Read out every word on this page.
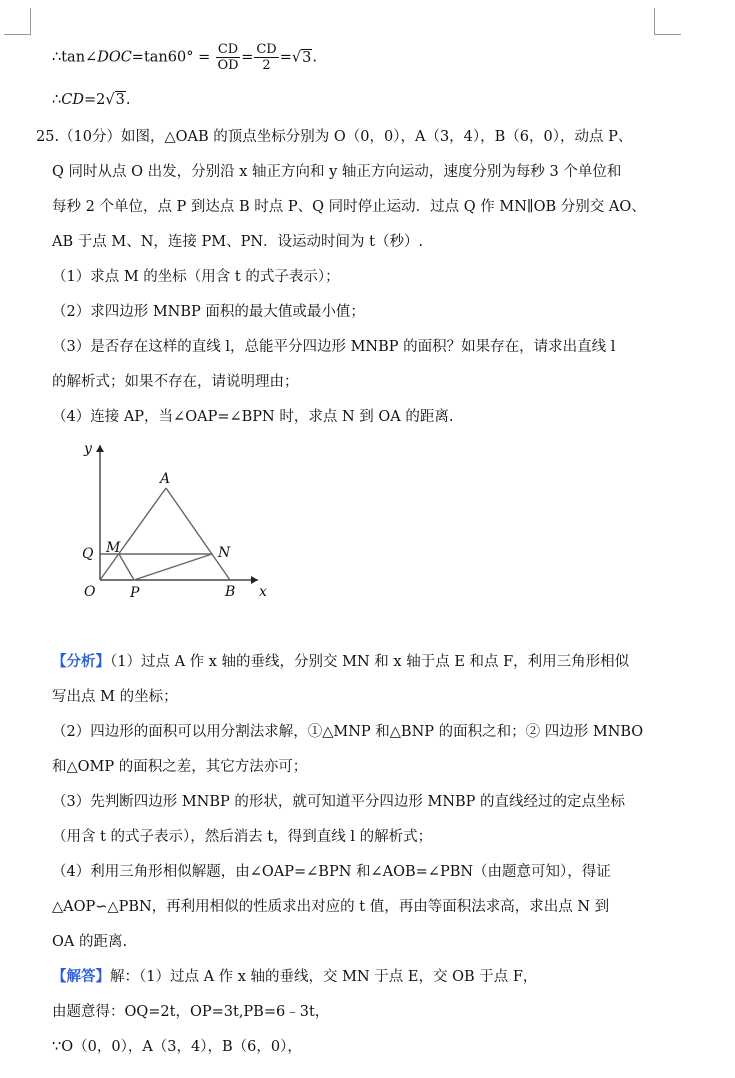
∴tan∠DOC=tan60° = $\frac{CD}{OD} = \frac{CD}{2} =√3$.
∴CD=2√3.
25.（10分）如图，△OAB 的顶点坐标分别为 O（0，0），A（3，4），B（6，0），动点 P、
Q 同时从点 O 出发，分别沿 x 轴正方向和 y 轴正方向运动，速度分别为每秒 3 个单位和
每秒 2 个单位，点 P 到达点 B 时点 P、Q 同时停止运动．过点 Q 作 MN∥OB 分别交 AO、
AB 于点 M、N，连接 PM、PN．设运动时间为 t（秒）.
（1）求点 M 的坐标（用含 t 的式子表示）；
（2）求四边形 MNBP 面积的最大值或最小值；
（3）是否存在这样的直线 l，总能平分四边形 MNBP 的面积？如果存在，请求出直线 l
的解析式；如果不存在，请说明理由；
（4）连接 AP，当∠OAP=∠BPN 时，求点 N 到 OA 的距离.
y
x
A
Q M	N
O P	B
【分析】（1）过点 A 作 x 轴的垂线，分别交 MN 和 x 轴于点 E 和点 F，利用三角形相似
写出点 M 的坐标；
（2）四边形的面积可以用分割法求解，①△MNP 和△BNP 的面积之和；② 四边形 MNBO
和△OMP 的面积之差，其它方法亦可；
（3）先判断四边形 MNBP 的形状，就可知道平分四边形 MNBP 的直线经过的定点坐标
（用含 t 的式子表示），然后消去 t，得到直线 l 的解析式；
（4）利用三角形相似解题，由∠OAP=∠BPN 和∠AOB=∠PBN（由题意可知），得证
△AOP∽△PBN，再利用相似的性质求出对应的 t 值，再由等面积法求高，求出点 N 到
OA 的距离.
【解答】解：（1）过点 A 作 x 轴的垂线，交 MN 于点 E，交 OB 于点 F，
由题意得：OQ=2t，OP=3t,PB=6﹣3t，
∵O（0，0），A（3，4），B（6，0），
